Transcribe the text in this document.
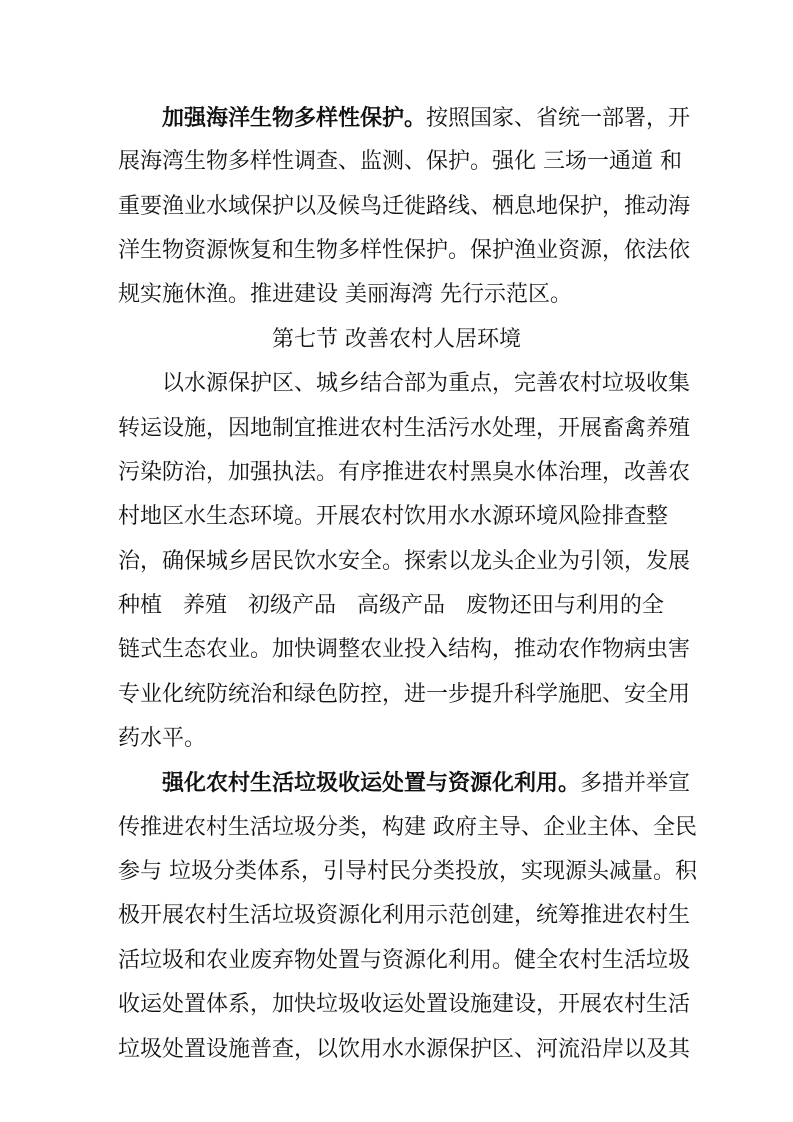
加强海洋生物多样性保护。按照国家、省统一部署，开
展海湾生物多样性调查、监测、保护。强化 三场一通道 和
重要渔业水域保护以及候鸟迁徙路线、栖息地保护，推动海
洋生物资源恢复和生物多样性保护。保护渔业资源，依法依
规实施休渔。推进建设 美丽海湾 先行示范区。
第七节 改善农村人居环境
以水源保护区、城乡结合部为重点，完善农村垃圾收集
转运设施，因地制宜推进农村生活污水处理，开展畜禽养殖
污染防治，加强执法。有序推进农村黑臭水体治理，改善农
村地区水生态环境。开展农村饮用水水源环境风险排查整
治，确保城乡居民饮水安全。探索以龙头企业为引领，发展
种植   养殖   初级产品   高级产品   废物还田与利用的全
链式生态农业。加快调整农业投入结构，推动农作物病虫害
专业化统防统治和绿色防控，进一步提升科学施肥、安全用
药水平。
强化农村生活垃圾收运处置与资源化利用。多措并举宣
传推进农村生活垃圾分类，构建 政府主导、企业主体、全民
参与 垃圾分类体系，引导村民分类投放，实现源头减量。积
极开展农村生活垃圾资源化利用示范创建，统筹推进农村生
活垃圾和农业废弃物处置与资源化利用。健全农村生活垃圾
收运处置体系，加快垃圾收运处置设施建设，开展农村生活
垃圾处置设施普查，以饮用水水源保护区、河流沿岸以及其
